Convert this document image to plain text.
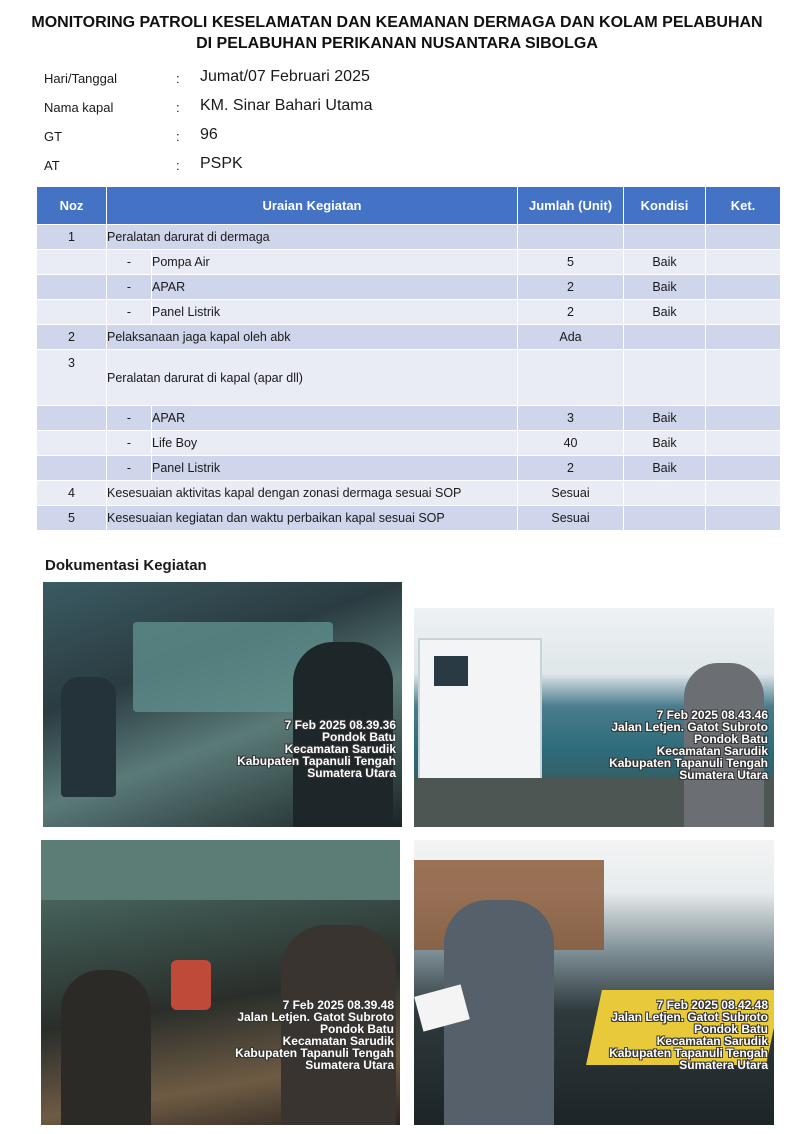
MONITORING PATROLI KESELAMATAN DAN KEAMANAN DERMAGA DAN KOLAM PELABUHAN
DI PELABUHAN PERIKANAN NUSANTARA SIBOLGA
Hari/Tanggal	: Jumat/07 Februari 2025
Nama kapal	: KM. Sinar Bahari Utama
GT	: 96
AT	: PSPK
Noz	Uraian Kegiatan		Jumlah (Unit)	Kondisi	Ket.
1	Peralatan darurat di dermaga				
	-	Pompa Air	5	Baik	
	-	APAR	2	Baik	
	-	Panel Listrik	2	Baik	
2	Pelaksanaan jaga kapal oleh abk		Ada		
3	Peralatan darurat di kapal (apar dll)				
	-	APAR	3	Baik	
	-	Life Boy	40	Baik	
	-	Panel Listrik	2	Baik	
4	Kesesuaian aktivitas kapal dengan zonasi dermaga sesuai SOP		Sesuai		
5	Kesesuaian kegiatan dan waktu perbaikan kapal sesuai SOP		Sesuai		
Dokumentasi Kegiatan
7 Feb 2025 08.39.36
Pondok Batu
Kecamatan Sarudik
Kabupaten Tapanuli Tengah
Sumatera Utara
7 Feb 2025 08.43.46
Jalan Letjen. Gatot Subroto
Pondok Batu
Kecamatan Sarudik
Kabupaten Tapanuli Tengah
Sumatera Utara
7 Feb 2025 08.39.48
Jalan Letjen. Gatot Subroto
Pondok Batu
Kecamatan Sarudik
Kabupaten Tapanuli Tengah
Sumatera Utara
7 Feb 2025 08.42.48
Jalan Letjen. Gatot Subroto
Pondok Batu
Kecamatan Sarudik
Kabupaten Tapanuli Tengah
Sumatera Utara
